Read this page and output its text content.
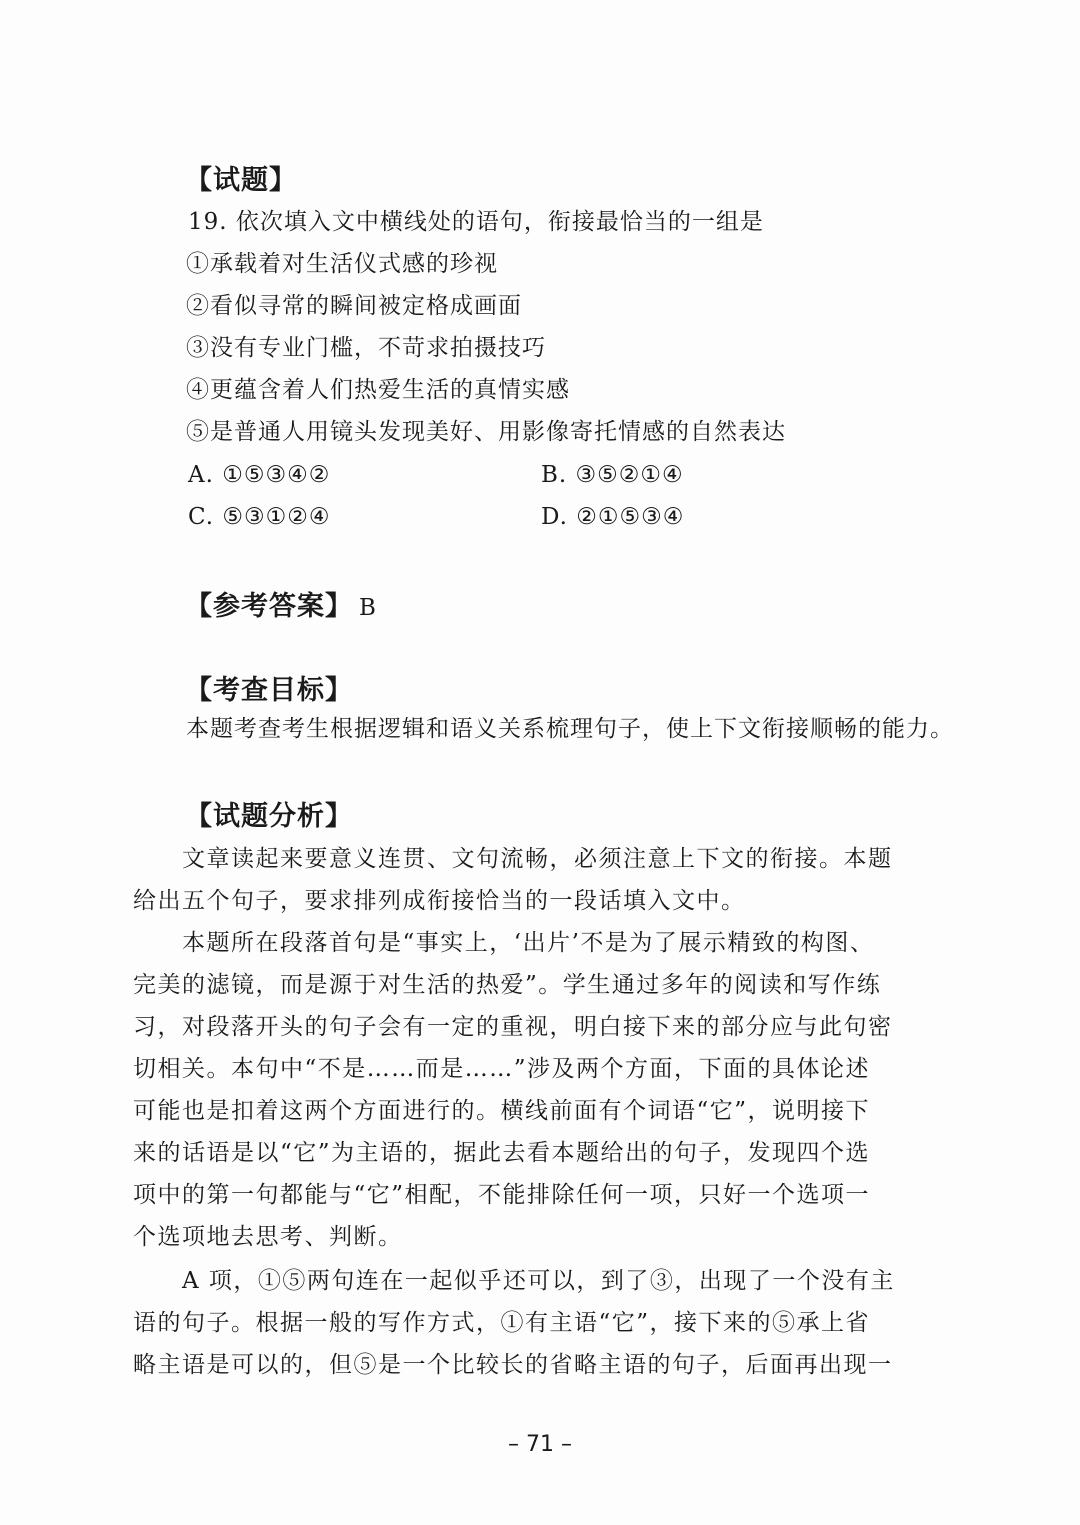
【试题】
19. 依次填入文中横线处的语句，衔接最恰当的一组是
①承载着对生活仪式感的珍视
②看似寻常的瞬间被定格成画面
③没有专业门槛，不苛求拍摄技巧
④更蕴含着人们热爱生活的真情实感
⑤是普通人用镜头发现美好、用影像寄托情感的自然表达
A. ①⑤③④②	B. ③⑤②①④
C. ⑤③①②④	D. ②①⑤③④
【参考答案】 B
【考查目标】
本题考查考生根据逻辑和语义关系梳理句子，使上下文衔接顺畅的能力。
【试题分析】
　　文章读起来要意义连贯、文句流畅，必须注意上下文的衔接。本题
给出五个句子，要求排列成衔接恰当的一段话填入文中。
　　本题所在段落首句是“事实上，‘出片’不是为了展示精致的构图、
完美的滤镜，而是源于对生活的热爱”。学生通过多年的阅读和写作练
习，对段落开头的句子会有一定的重视，明白接下来的部分应与此句密
切相关。本句中“不是……而是……”涉及两个方面，下面的具体论述
可能也是扣着这两个方面进行的。横线前面有个词语“它”，说明接下
来的话语是以“它”为主语的，据此去看本题给出的句子，发现四个选
项中的第一句都能与“它”相配，不能排除任何一项，只好一个选项一
个选项地去思考、判断。
　　A 项，①⑤两句连在一起似乎还可以，到了③，出现了一个没有主
语的句子。根据一般的写作方式，①有主语“它”，接下来的⑤承上省
略主语是可以的，但⑤是一个比较长的省略主语的句子，后面再出现一
– 71 –
